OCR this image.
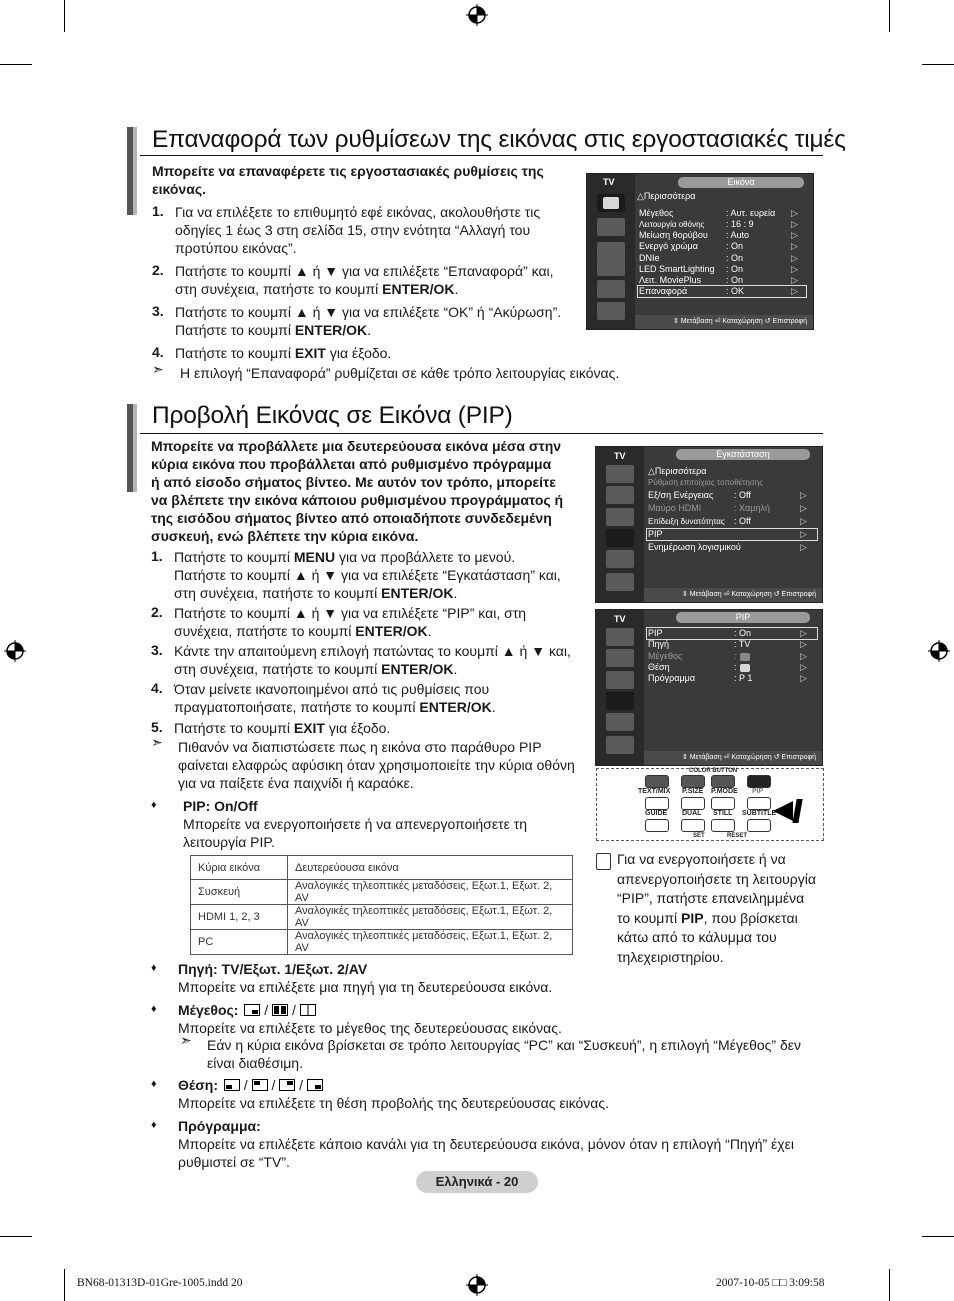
Επαναφορά των ρυθμίσεων της εικόνας στις εργοστασιακές τιμές
Μπορείτε να επαναφέρετε τις εργοστασιακές ρυθμίσεις της
εικόνας.
1. Για να επιλέξετε το επιθυμητό εφέ εικόνας, ακολουθήστε τις
οδηγίες 1 έως 3 στη σελίδα 15, στην ενότητα “Αλλαγή του
προτύπου εικόνας”.
2. Πατήστε το κουμπί ▲ ή ▼ για να επιλέξετε “Επαναφορά” και,
στη συνέχεια, πατήστε το κουμπί ENTER/OK.
3. Πατήστε το κουμπί ▲ ή ▼ για να επιλέξετε “OK” ή “Ακύρωση”.
Πατήστε το κουμπί ENTER/OK.
4. Πατήστε το κουμπί EXIT για έξοδο.
➣ Η επιλογή “Επαναφορά” ρυθμίζεται σε κάθε τρόπο λειτουργίας εικόνας.
TV	Εικόνα
△Περισσότερα
Μέγεθος	: Αυτ. ευρεία ▷
Λειτουργία οθόνης : 16 : 9	▷
Μείωση θορύβου : Auto	▷
Ενεργό χρώμα	: On	▷
DNIe	: On	▷
LED SmartLighting : On	▷
Λειτ. MoviePlus	: On	▷
Επαναφορά	: OK	▷
⇕ Μετάβαση ⏎ Καταχώρηση ↺ Επιστροφή
Προβολή Εικόνας σε Εικόνα (PIP)
Μπορείτε να προβάλλετε μια δευτερεύουσα εικόνα μέσα στην
κύρια εικόνα που προβάλλεται από ρυθμισμένο πρόγραμμα
ή από είσοδο σήματος βίντεο. Με αυτόν τον τρόπο, μπορείτε
να βλέπετε την εικόνα κάποιου ρυθμισμένου προγράμματος ή
της εισόδου σήματος βίντεο από οποιαδήποτε συνδεδεμένη
συσκευή, ενώ βλέπετε την κύρια εικόνα.
1. Πατήστε το κουμπί MENU για να προβάλλετε το μενού.
Πατήστε το κουμπί ▲ ή ▼ για να επιλέξετε “Εγκατάσταση” και,
στη συνέχεια, πατήστε το κουμπί ENTER/OK.
2. Πατήστε το κουμπί ▲ ή ▼ για να επιλέξετε “PIP” και, στη
συνέχεια, πατήστε το κουμπί ENTER/OK.
3. Κάντε την απαιτούμενη επιλογή πατώντας το κουμπί ▲ ή ▼ και,
στη συνέχεια, πατήστε το κουμπί ENTER/OK.
4. Όταν μείνετε ικανοποιημένοι από τις ρυθμίσεις που
πραγματοποιήσατε, πατήστε το κουμπί ENTER/OK.
5. Πατήστε το κουμπί EXIT για έξοδο.
➣ Πιθανόν να διαπιστώσετε πως η εικόνα στο παράθυρο PIP
φαίνεται ελαφρώς αφύσικη όταν χρησιμοποιείτε την κύρια οθόνη
για να παίξετε ένα παιχνίδι ή καραόκε.
♦ PIP: On/Off
Μπορείτε να ενεργοποιήσετε ή να απενεργοποιήσετε τη
λειτουργία PIP.
Κύρια εικόνα	Δευτερεύουσα εικόνα
Συσκευή	Αναλογικές τηλεοπτικές μεταδόσεις, Εξωτ.1, Εξωτ. 2, AV
HDMI 1, 2, 3	Αναλογικές τηλεοπτικές μεταδόσεις, Εξωτ.1, Εξωτ. 2, AV
PC	Αναλογικές τηλεοπτικές μεταδόσεις, Εξωτ.1, Εξωτ. 2, AV
♦ Πηγή: TV/Εξωτ. 1/Εξωτ. 2/AV
Μπορείτε να επιλέξετε μια πηγή για τη δευτερεύουσα εικόνα.
♦ Μέγεθος: / /
Μπορείτε να επιλέξετε το μέγεθος της δευτερεύουσας εικόνας.
➣ Εάν η κύρια εικόνα βρίσκεται σε τρόπο λειτουργίας “PC” και “Συσκευή”, η επιλογή “Μέγεθος” δεν
είναι διαθέσιμη.
♦ Θέση: / / /
Μπορείτε να επιλέξετε τη θέση προβολής της δευτερεύουσας εικόνας.
♦ Πρόγραμμα:
Μπορείτε να επιλέξετε κάποιο κανάλι για τη δευτερεύουσα εικόνα, μόνον όταν η επιλογή “Πηγή” έχει
ρυθμιστεί σε “TV”.
TV	Εγκατάσταση
△Περισσότερα
Ρύθμιση επιτοίχιας τοποθέτησης
Εξ/ση Ενέργειας : Off	▷
Μαύρο HDMI	: Χαμηλή	▷
Επίδειξη δυνατότητας : Off	▷
PIP	▷
Ενημέρωση λογισμικού	▷
⇕ Μετάβαση ⏎ Καταχώρηση ↺ Επιστροφή
TV	PIP
PIP	: On	▷
Πηγή	: TV	▷
Μέγεθος	:	▷
Θέση	:	▷
Πρόγραμμα	: P 1	▷
⇕ Μετάβαση ⏎ Καταχώρηση ↺ Επιστροφή
COLOR BUTTON
TEXT/MIX P.SIZE P.MODE PIP
GUIDE DUAL STILL SUBTITLE
SET	RESET
Για να ενεργοποιήσετε ή να
απενεργοποιήσετε τη λειτουργία
“PIP”, πατήστε επανειλημμένα
το κουμπί PIP, που βρίσκεται
κάτω από το κάλυμμα του
τηλεχειριστηρίου.
Ελληνικά - 20
BN68-01313D-01Gre-1005.indd 20	2007-10-05 □□ 3:09:58
